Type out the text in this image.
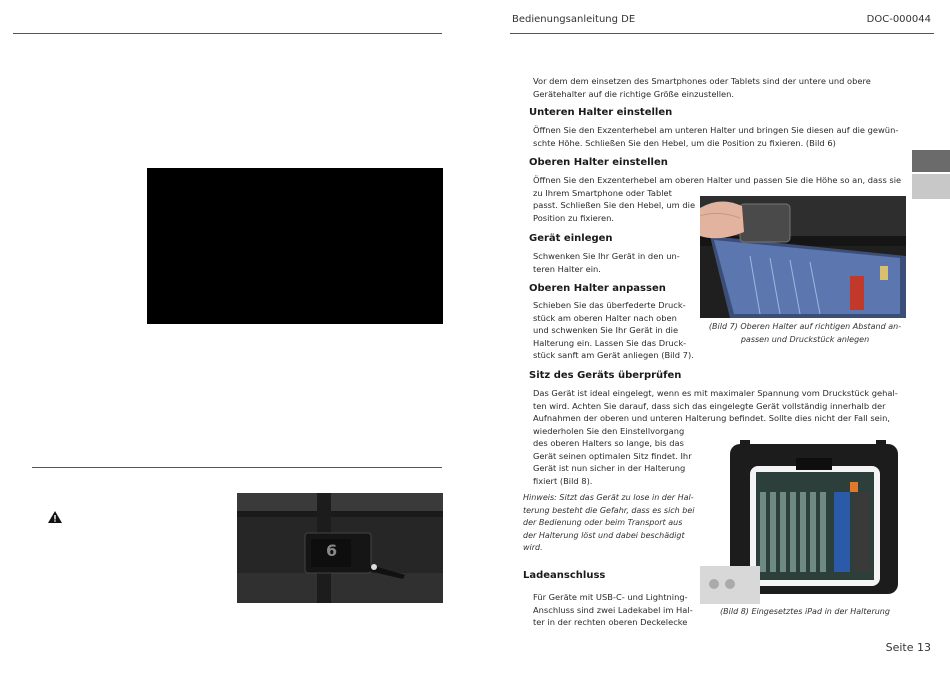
6
Bedienungsanleitung DE	DOC-000044
Vor dem dem einsetzen des Smartphones oder Tablets sind der untere und obere
Gerätehalter auf die richtige Größe einzustellen.
Unteren Halter einstellen
Öffnen Sie den Exzenterhebel am unteren Halter und bringen Sie diesen auf die gewün-
schte Höhe. Schließen Sie den Hebel, um die Position zu fixieren. (Bild 6)
Oberen Halter einstellen
Öffnen Sie den Exzenterhebel am oberen Halter und passen Sie die Höhe so an, dass sie
zu Ihrem Smartphone oder Tablet
passt. Schließen Sie den Hebel, um die
Position zu fixieren.
Gerät einlegen
Schwenken Sie Ihr Gerät in den un-
teren Halter ein.
Oberen Halter anpassen
Schieben Sie das überfederte Druck-
stück am oberen Halter nach oben
und schwenken Sie Ihr Gerät in die
Halterung ein. Lassen Sie das Druck-
stück sanft am Gerät anliegen (Bild 7).
(Bild 7) Oberen Halter auf richtigen Abstand an-
passen und Druckstück anlegen
Sitz des Geräts überprüfen
Das Gerät ist ideal eingelegt, wenn es mit maximaler Spannung vom Druckstück gehal-
ten wird. Achten Sie darauf, dass sich das eingelegte Gerät vollständig innerhalb der
Aufnahmen der oberen und unteren Halterung befindet. Sollte dies nicht der Fall sein,
wiederholen Sie den Einstellvorgang
des oberen Halters so lange, bis das
Gerät seinen optimalen Sitz findet. Ihr
Gerät ist nun sicher in der Halterung
fixiert (Bild 8).
(Bild 8) Eingesetztes iPad in der Halterung
Hinweis: Sitzt das Gerät zu lose in der Hal-
terung besteht die Gefahr, dass es sich bei
der Bedienung oder beim Transport aus
der Halterung löst und dabei beschädigt
wird.
Ladeanschluss
Für Geräte mit USB-C- und Lightning-
Anschluss sind zwei Ladekabel im Hal-
ter in der rechten oberen Deckelecke
Seite 13
